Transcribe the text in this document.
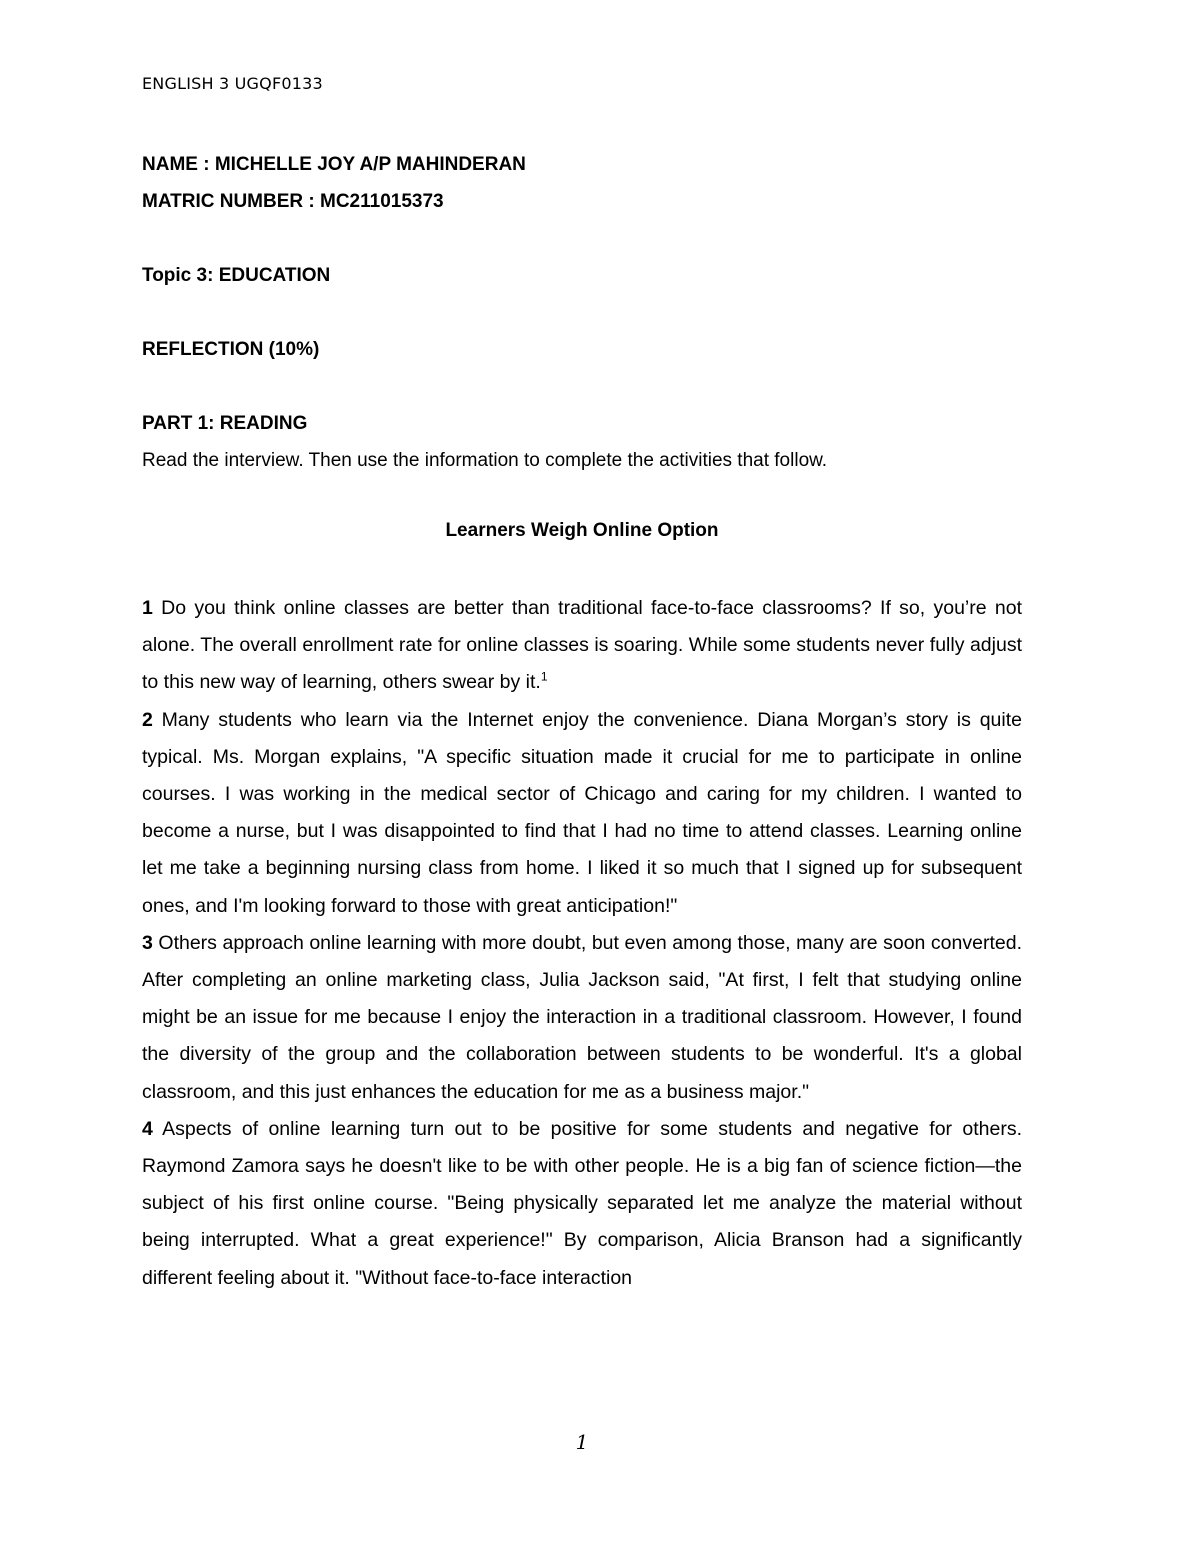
ENGLISH 3 UGQF0133
NAME : MICHELLE JOY A/P MAHINDERAN
MATRIC NUMBER : MC211015373
Topic 3: EDUCATION
REFLECTION (10%)
PART 1: READING
Read the interview. Then use the information to complete the activities that follow.
Learners Weigh Online Option

1 Do you think online classes are better than traditional face-to-face classrooms? If so, you’re not alone. The overall enrollment rate for online classes is soaring. While some students never fully adjust to this new way of learning, others swear by it.$^1$

2 Many students who learn via the Internet enjoy the convenience. Diana Morgan’s story is quite typical. Ms. Morgan explains, "A specific situation made it crucial for me to participate in online courses. I was working in the medical sector of Chicago and caring for my children. I wanted to become a nurse, but I was disappointed to find that I had no time to attend classes. Learning online let me take a beginning nursing class from home. I liked it so much that I signed up for subsequent ones, and I'm looking forward to those with great anticipation!"

3 Others approach online learning with more doubt, but even among those, many are soon converted. After completing an online marketing class, Julia Jackson said, "At first, I felt that studying online might be an issue for me because I enjoy the interaction in a traditional classroom. However, I found the diversity of the group and the collaboration between students to be wonderful. It's a global classroom, and this just enhances the education for me as a business major."

4 Aspects of online learning turn out to be positive for some students and negative for others. Raymond Zamora says he doesn't like to be with other people. He is a big fan of science fiction—the subject of his first online course. "Being physically separated let me analyze the material without being interrupted. What a great experience!" By comparison, Alicia Branson had a significantly different feeling about it. "Without face-to-face interaction

1
